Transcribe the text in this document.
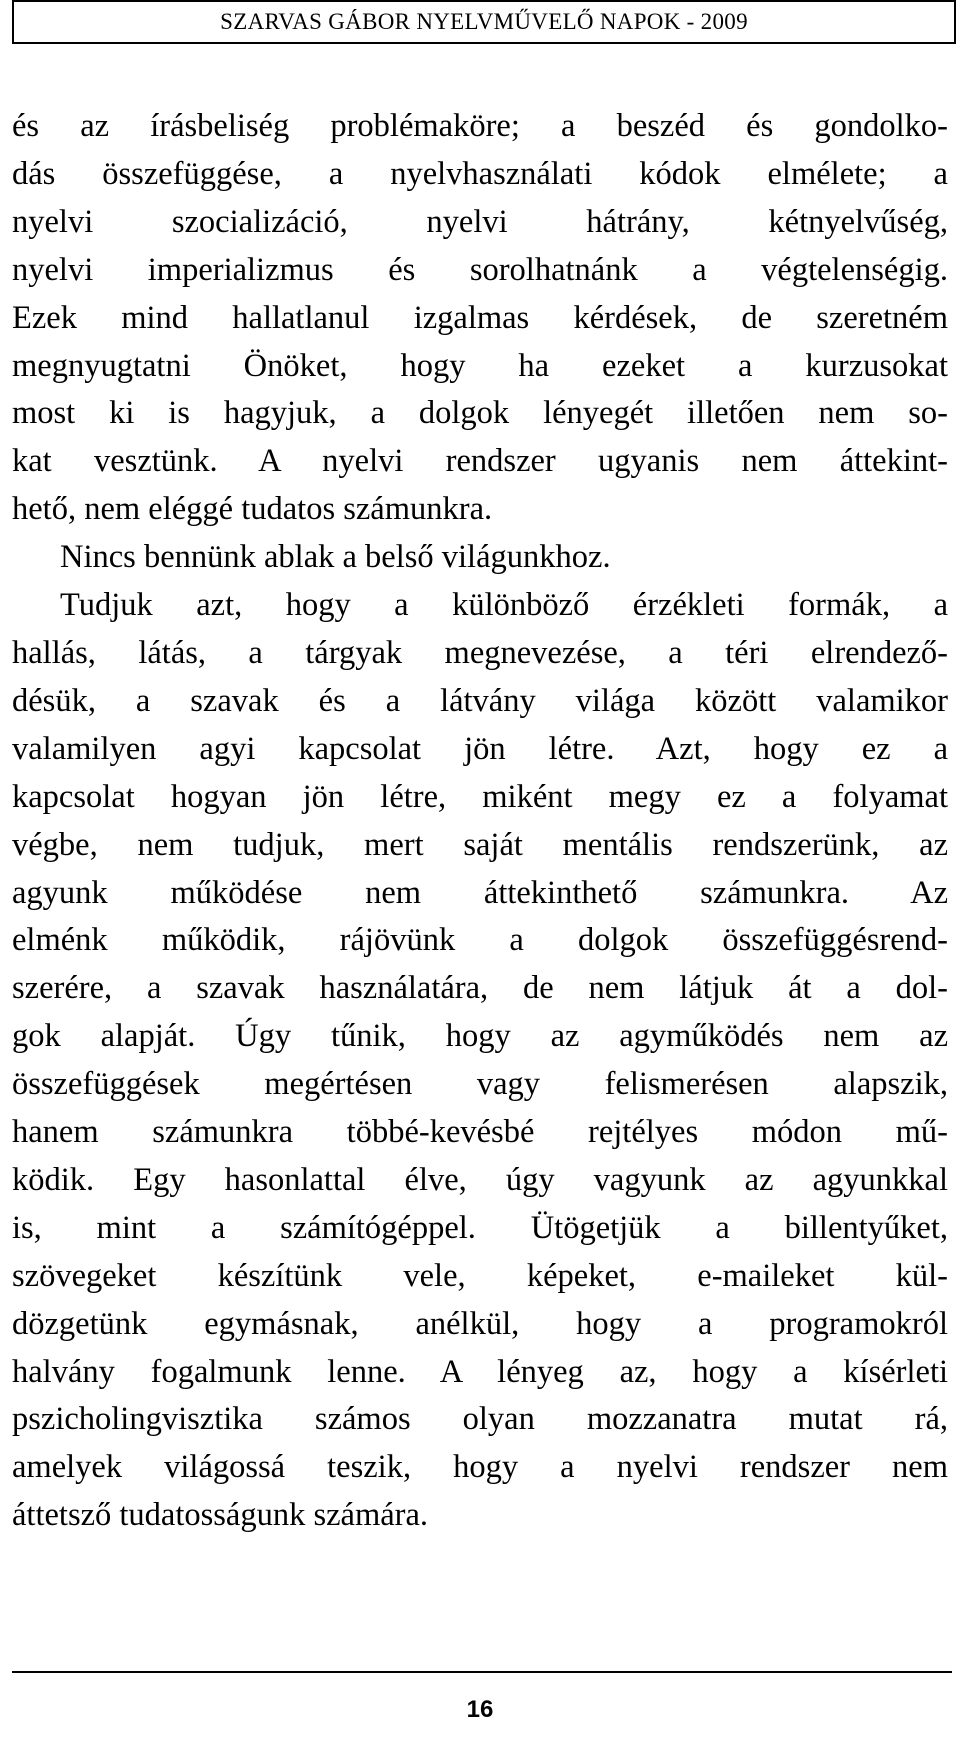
SZARVAS GÁBOR NYELVMŰVELŐ NAPOK - 2009

és az írásbeliség problémaköre; a beszéd és gondolko-

dás összefüggése, a nyelvhasználati kódok elmélete; a

nyelvi szocializáció, nyelvi hátrány, kétnyelvűség,

nyelvi imperializmus és sorolhatnánk a végtelenségig.

Ezek mind hallatlanul izgalmas kérdések, de szeretném

megnyugtatni Önöket, hogy ha ezeket a kurzusokat

most ki is hagyjuk, a dolgok lényegét illetően nem so-

kat vesztünk. A nyelvi rendszer ugyanis nem áttekint-

hető, nem eléggé tudatos számunkra.

Nincs bennünk ablak a belső világunkhoz.

Tudjuk azt, hogy a különböző érzékleti formák, a

hallás, látás, a tárgyak megnevezése, a téri elrendező-

désük, a szavak és a látvány világa között valamikor

valamilyen agyi kapcsolat jön létre. Azt, hogy ez a

kapcsolat hogyan jön létre, miként megy ez a folyamat

végbe, nem tudjuk, mert saját mentális rendszerünk, az

agyunk működése nem áttekinthető számunkra. Az

elménk működik, rájövünk a dolgok összefüggésrend-

szerére, a szavak használatára, de nem látjuk át a dol-

gok alapját. Úgy tűnik, hogy az agyműködés nem az

összefüggések megértésen vagy felismerésen alapszik,

hanem számunkra többé-kevésbé rejtélyes módon mű-

ködik. Egy hasonlattal élve, úgy vagyunk az agyunkkal

is, mint a számítógéppel. Ütögetjük a billentyűket,

szövegeket készítünk vele, képeket, e-maileket kül-

dözgetünk egymásnak, anélkül, hogy a programokról

halvány fogalmunk lenne. A lényeg az, hogy a kísérleti

pszicholingvisztika számos olyan mozzanatra mutat rá,

amelyek világossá teszik, hogy a nyelvi rendszer nem

áttetsző tudatosságunk számára.

16
